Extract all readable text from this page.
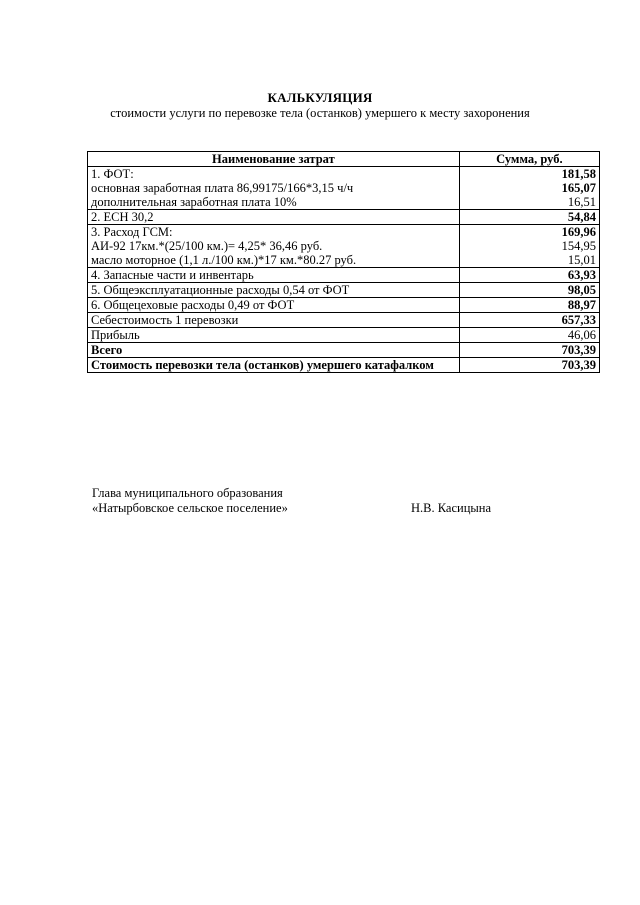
КАЛЬКУЛЯЦИЯ
стоимости услуги по перевозке тела (останков) умершего к месту захоронения
Наименование затрат	Сумма, руб.
1. ФОТ:	181,58
основная заработная плата 86,99175/166*3,15 ч/ч	165,07
дополнительная заработная плата 10%	16,51
2. ЕСН 30,2	54,84
3. Расход ГСМ:	169,96
АИ-92 17км.*(25/100 км.)= 4,25* 36,46 руб.	154,95
масло моторное (1,1 л./100 км.)*17 км.*80.27 руб.	15,01
4. Запасные части и инвентарь	63,93
5. Общеэксплуатационные расходы 0,54 от ФОТ	98,05
6. Общецеховые расходы 0,49 от ФОТ	88,97
Себестоимость 1 перевозки	657,33
Прибыль	46,06
Всего	703,39
Стоимость перевозки тела (останков) умершего катафалком	703,39
Глава муниципального образования
«Натырбовское сельское поселение»	Н.В. Касицына
